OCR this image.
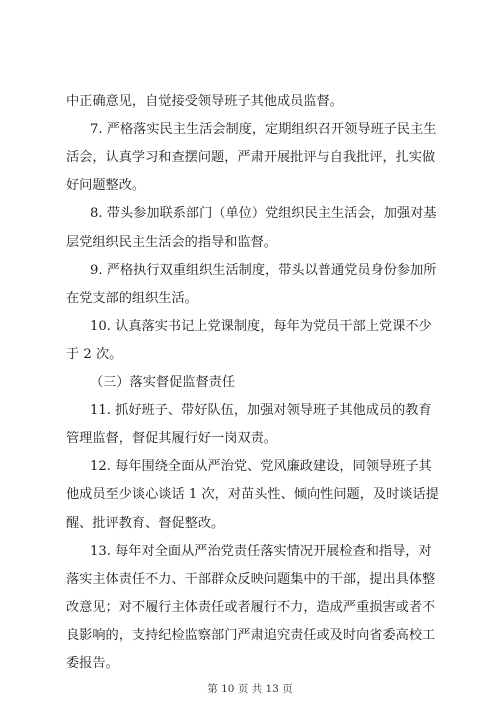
中正确意见，自觉接受领导班子其他成员监督。
7. 严格落实民主生活会制度，定期组织召开领导班子民主生
活会，认真学习和查摆问题，严肃开展批评与自我批评，扎实做
好问题整改。
8. 带头参加联系部门（单位）党组织民主生活会，加强对基
层党组织民主生活会的指导和监督。
9. 严格执行双重组织生活制度，带头以普通党员身份参加所
在党支部的组织生活。
10. 认真落实书记上党课制度，每年为党员干部上党课不少
于 2 次。
（三）落实督促监督责任
11. 抓好班子、带好队伍，加强对领导班子其他成员的教育
管理监督，督促其履行好一岗双责。
12. 每年围绕全面从严治党、党风廉政建设，同领导班子其
他成员至少谈心谈话 1 次，对苗头性、倾向性问题，及时谈话提
醒、批评教育、督促整改。
13. 每年对全面从严治党责任落实情况开展检查和指导，对
落实主体责任不力、干部群众反映问题集中的干部，提出具体整
改意见；对不履行主体责任或者履行不力，造成严重损害或者不
良影响的，支持纪检监察部门严肃追究责任或及时向省委高校工
委报告。
第 10 页 共 13 页
